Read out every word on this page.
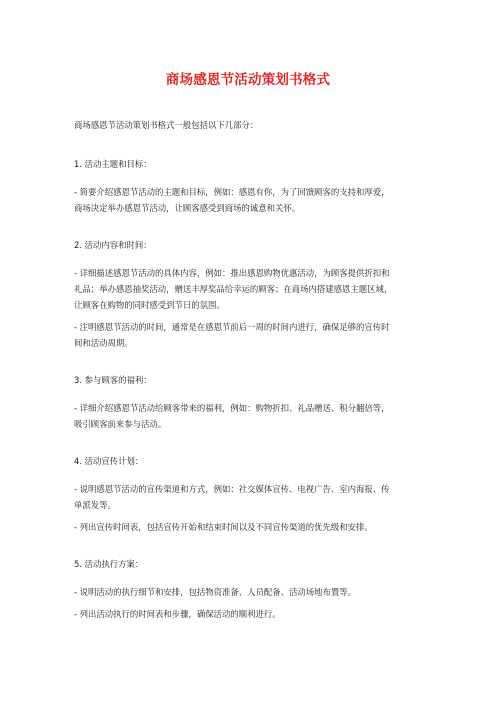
商场感恩节活动策划书格式
商场感恩节活动策划书格式一般包括以下几部分：
1. 活动主题和目标：
- 简要介绍感恩节活动的主题和目标，例如：感恩有你，为了回馈顾客的支持和厚爱，
商场决定举办感恩节活动，让顾客感受到商场的诚意和关怀。
2. 活动内容和时间：
- 详细描述感恩节活动的具体内容，例如：推出感恩购物优惠活动，为顾客提供折扣和
礼品；举办感恩抽奖活动，赠送丰厚奖品给幸运的顾客；在商场内搭建感恩主题区域，
让顾客在购物的同时感受到节日的氛围。
- 注明感恩节活动的时间，通常是在感恩节前后一周的时间内进行，确保足够的宣传时
间和活动周期。
3. 参与顾客的福利：
- 详细介绍感恩节活动给顾客带来的福利，例如：购物折扣、礼品赠送、积分翻倍等，
吸引顾客前来参与活动。
4. 活动宣传计划：
- 说明感恩节活动的宣传渠道和方式，例如：社交媒体宣传、电视广告、室内海报、传
单派发等。
- 列出宣传时间表，包括宣传开始和结束时间以及不同宣传渠道的优先级和安排。
5. 活动执行方案：
- 说明活动的执行细节和安排，包括物资准备、人员配备、活动场地布置等。
- 列出活动执行的时间表和步骤，确保活动的顺利进行。
